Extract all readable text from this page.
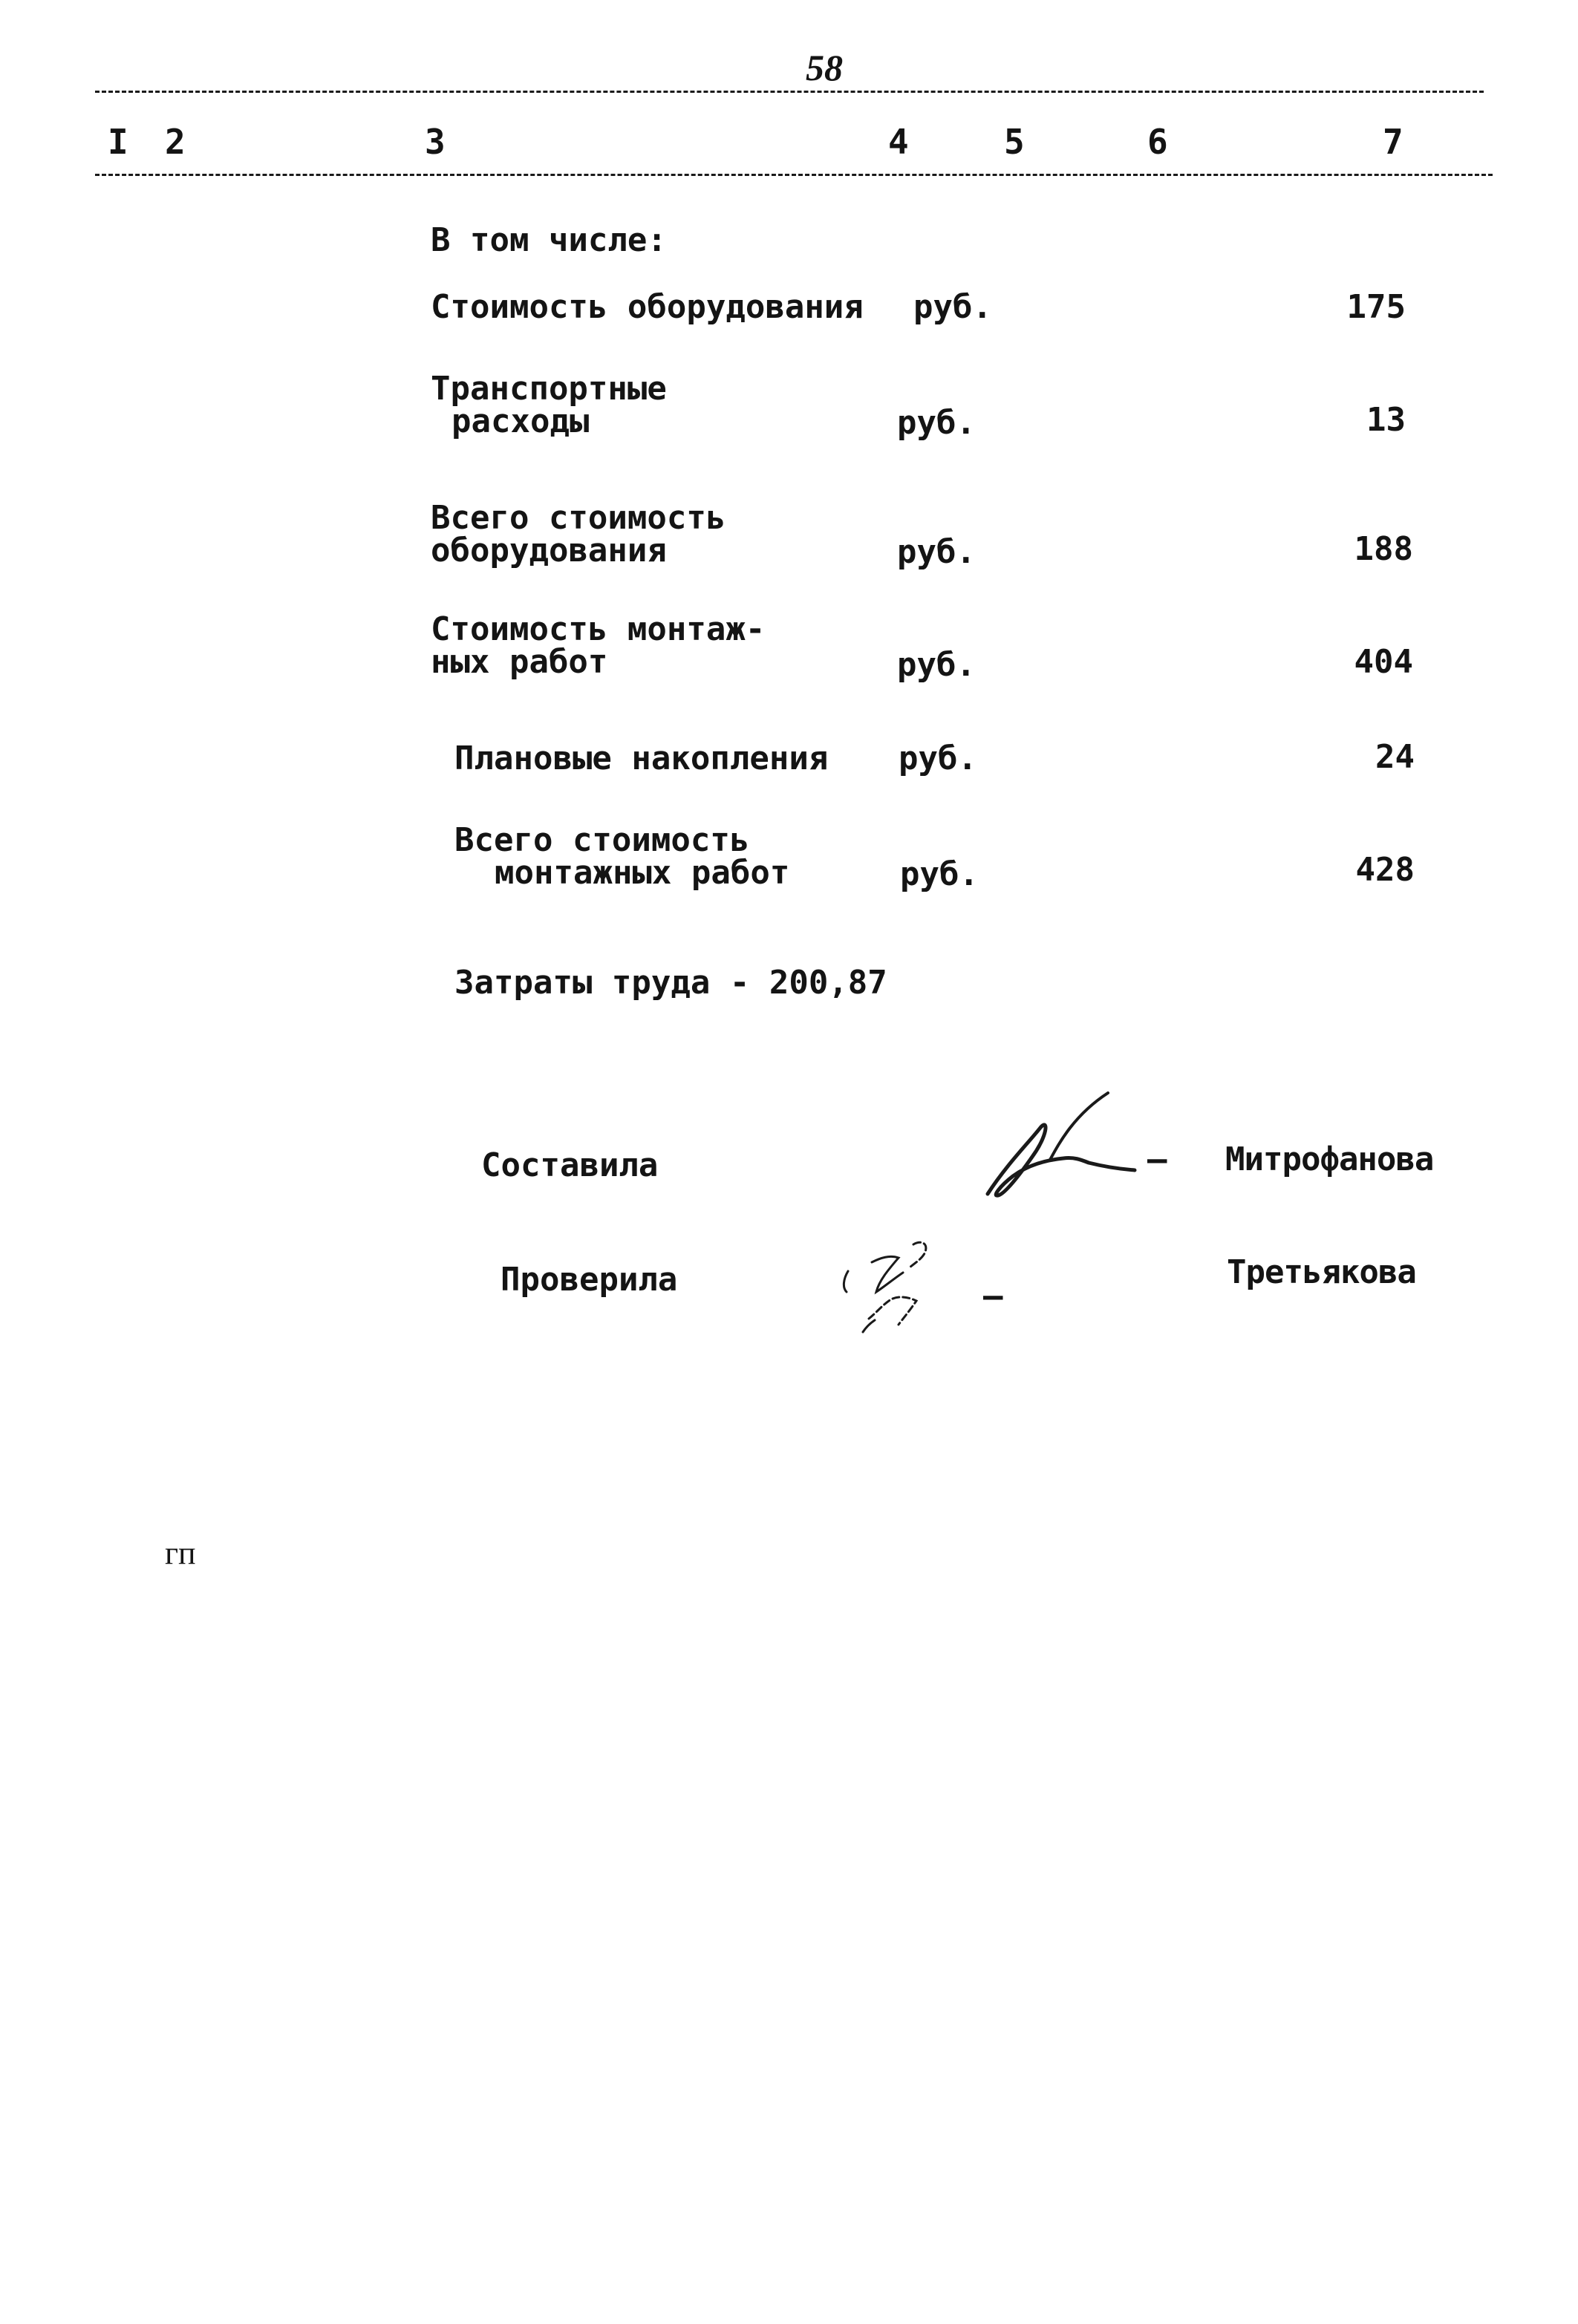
58
I 2	3	4	5	6	7
В том числе:
Стоимость оборудования руб.	175
Транспортные
расходы	руб.	13
Всего стоимость
оборудования	руб.	188
Стоимость монтаж-
ных работ	руб.	404
Плановые накопления руб.	24
Всего стоимость
монтажных работ	руб.	428
Затраты труда - 200,87
Составила	– Митрофанова
Проверила	–
Третьякова
гп
